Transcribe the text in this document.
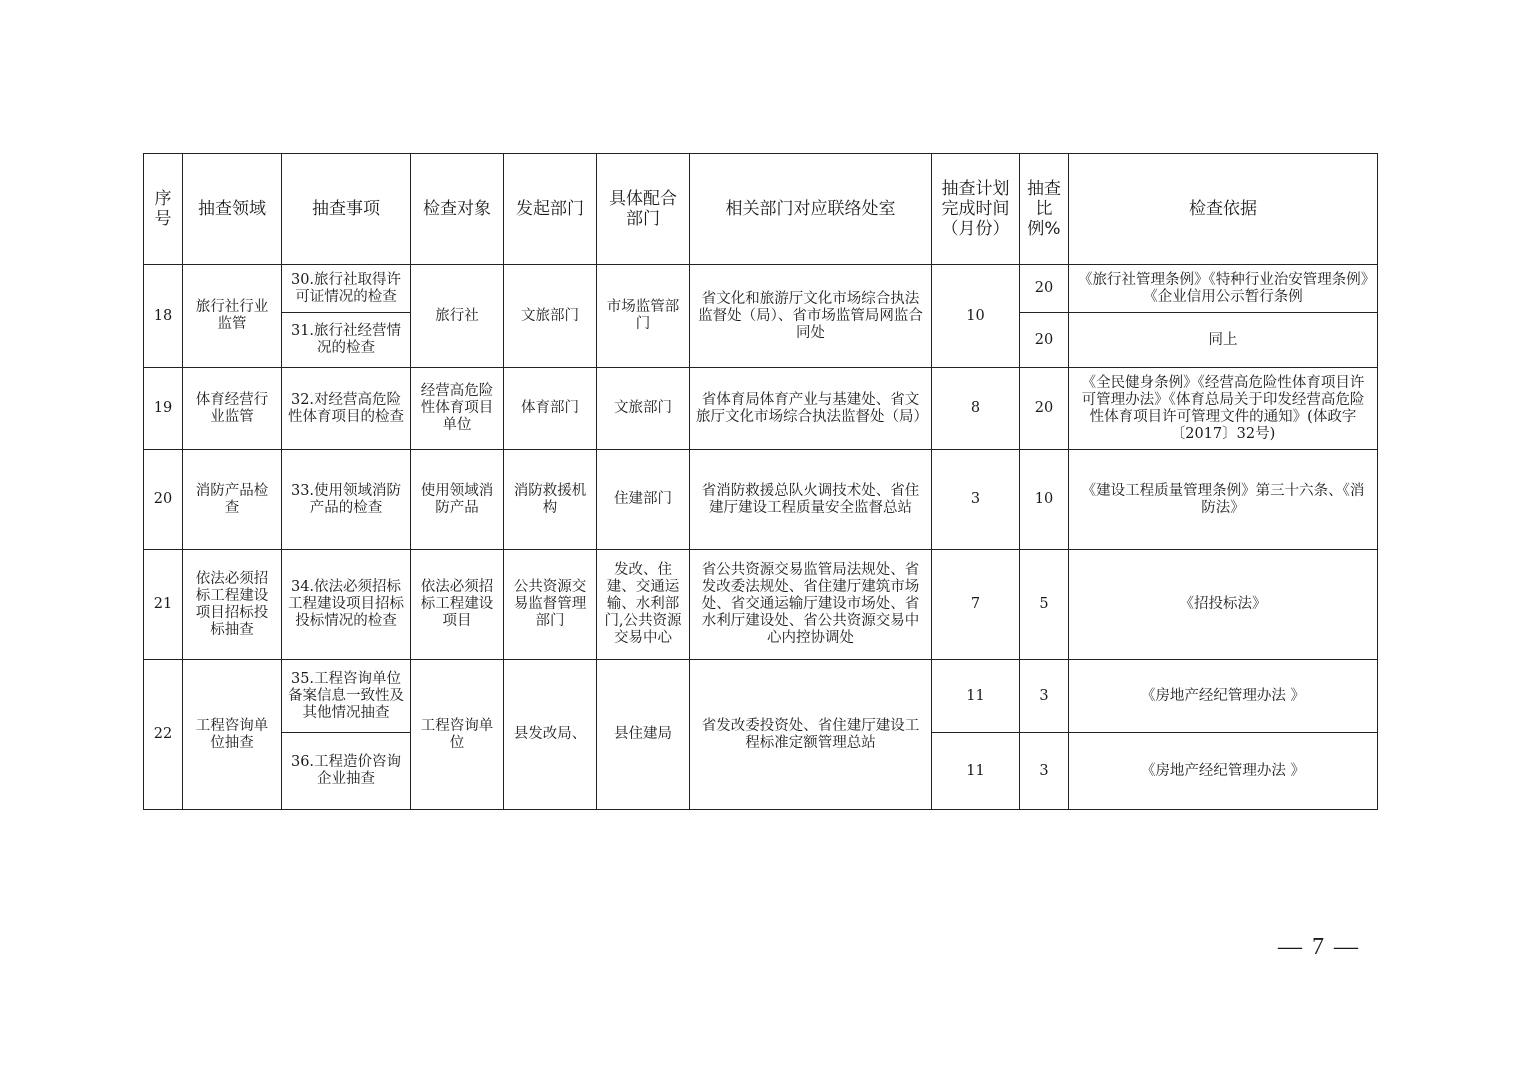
序号	抽查领域	抽查事项	检查对象	发起部门	具体配合部门	相关部门对应联络处室	抽查计划完成时间（月份）	抽查比例%	检查依据
18	旅行社行业监管	30.旅行社取得许可证情况的检查	旅行社	文旅部门	市场监管部门	省文化和旅游厅文化市场综合执法监督处（局）、省市场监管局网监合同处	10	20	《旅行社管理条例》《特种行业治安管理条例》《企业信用公示暂行条例
		31.旅行社经营情况的检查						20	同上
19	体育经营行业监管	32.对经营高危险性体育项目的检查	经营高危险性体育项目单位	体育部门	文旅部门	省体育局体育产业与基建处、省文旅厅文化市场综合执法监督处（局）	8	20	《全民健身条例》《经营高危险性体育项目许可管理办法》《体育总局关于印发经营高危险性体育项目许可管理文件的通知》(体政字〔2017〕32号)
20	消防产品检查	33.使用领域消防产品的检查	使用领域消防产品	消防救援机构	住建部门	省消防救援总队火调技术处、省住建厅建设工程质量安全监督总站	3	10	《建设工程质量管理条例》第三十六条、《消防法》
21	依法必须招标工程建设项目招标投标抽查	34.依法必须招标工程建设项目招标投标情况的检查	依法必须招标工程建设项目	公共资源交易监督管理部门	发改、住建、交通运输、水利部门,公共资源交易中心	省公共资源交易监管局法规处、省发改委法规处、省住建厅建筑市场处、省交通运输厅建设市场处、省水利厅建设处、省公共资源交易中心内控协调处	7	5	《招投标法》
22	工程咨询单位抽查	35.工程咨询单位备案信息一致性及其他情况抽查	工程咨询单位	县发改局、	县住建局	省发改委投资处、省住建厅建设工程标准定额管理总站	11	3	《房地产经纪管理办法 》
		36.工程造价咨询企业抽查					11	3	《房地产经纪管理办法 》
— 7 —
